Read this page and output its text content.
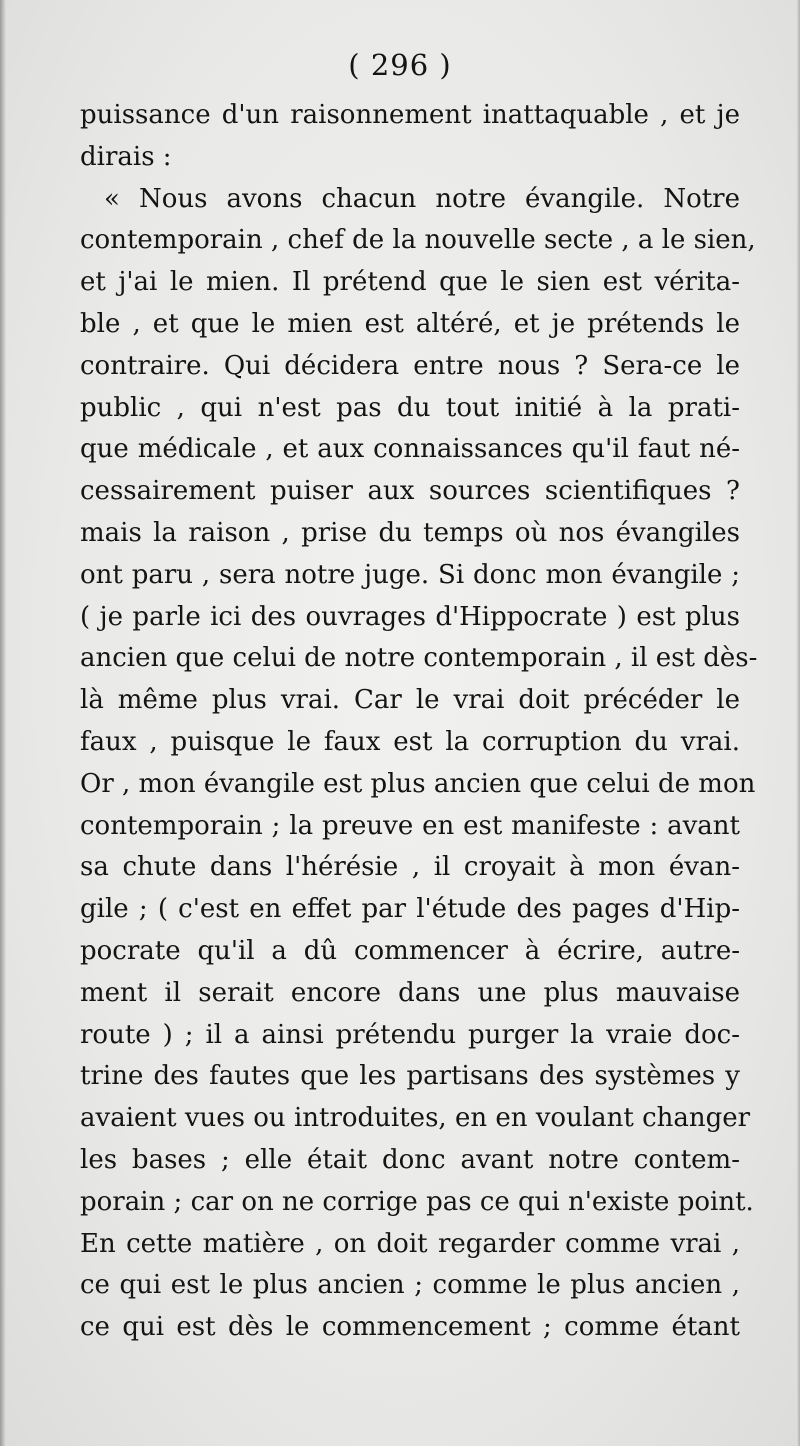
( 296 )
puissance d'un raisonnement inattaquable , et je
dirais :
« Nous avons chacun notre évangile. Notre
contemporain , chef de la nouvelle secte , a le sien,
et j'ai le mien. Il prétend que le sien est vérita-
ble , et que le mien est altéré, et je prétends le
contraire. Qui décidera entre nous ? Sera-ce le
public , qui n'est pas du tout initié à la prati-
que médicale , et aux connaissances qu'il faut né-
cessairement puiser aux sources scientifiques ?
mais la raison , prise du temps où nos évangiles
ont paru , sera notre juge. Si donc mon évangile ;
( je parle ici des ouvrages d'Hippocrate ) est plus
ancien que celui de notre contemporain , il est dès-
là même plus vrai. Car le vrai doit précéder le
faux , puisque le faux est la corruption du vrai.
Or , mon évangile est plus ancien que celui de mon
contemporain ; la preuve en est manifeste : avant
sa chute dans l'hérésie , il croyait à mon évan-
gile ; ( c'est en effet par l'étude des pages d'Hip-
pocrate qu'il a dû commencer à écrire, autre-
ment il serait encore dans une plus mauvaise
route ) ; il a ainsi prétendu purger la vraie doc-
trine des fautes que les partisans des systèmes y
avaient vues ou introduites, en en voulant changer
les bases ; elle était donc avant notre contem-
porain ; car on ne corrige pas ce qui n'existe point.
En cette matière , on doit regarder comme vrai ,
ce qui est le plus ancien ; comme le plus ancien ,
ce qui est dès le commencement ; comme étant
